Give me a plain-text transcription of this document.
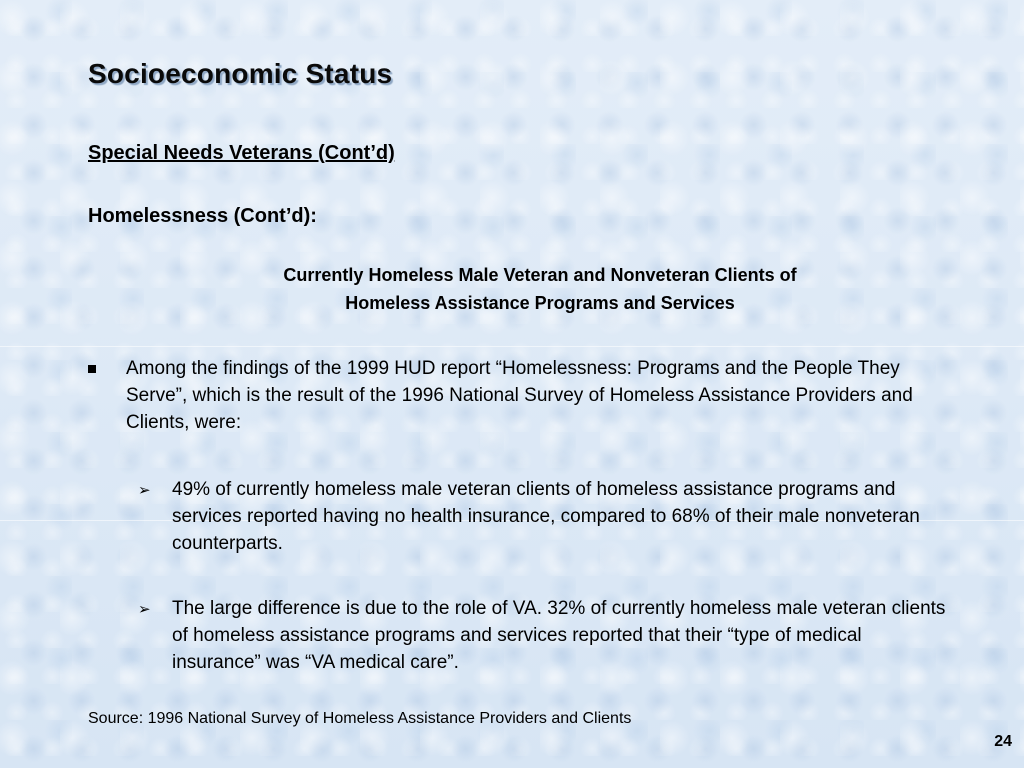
Socioeconomic Status
Special Needs Veterans (Cont’d)
Homelessness (Cont’d):
Currently Homeless Male Veteran and Nonveteran Clients of
Homeless Assistance Programs and Services
Among the findings of the 1999 HUD report “Homelessness: Programs and the People They Serve”, which is the result of the 1996 National Survey of Homeless Assistance Providers and Clients, were:
➢ 49% of currently homeless male veteran clients of homeless assistance programs and services reported having no health insurance, compared to 68% of their male nonveteran counterparts.
➢ The large difference is due to the role of VA. 32% of currently homeless male veteran clients of homeless assistance programs and services reported that their “type of medical insurance” was “VA medical care”.

Source: 1996 National Survey of Homeless Assistance Providers and Clients

24
